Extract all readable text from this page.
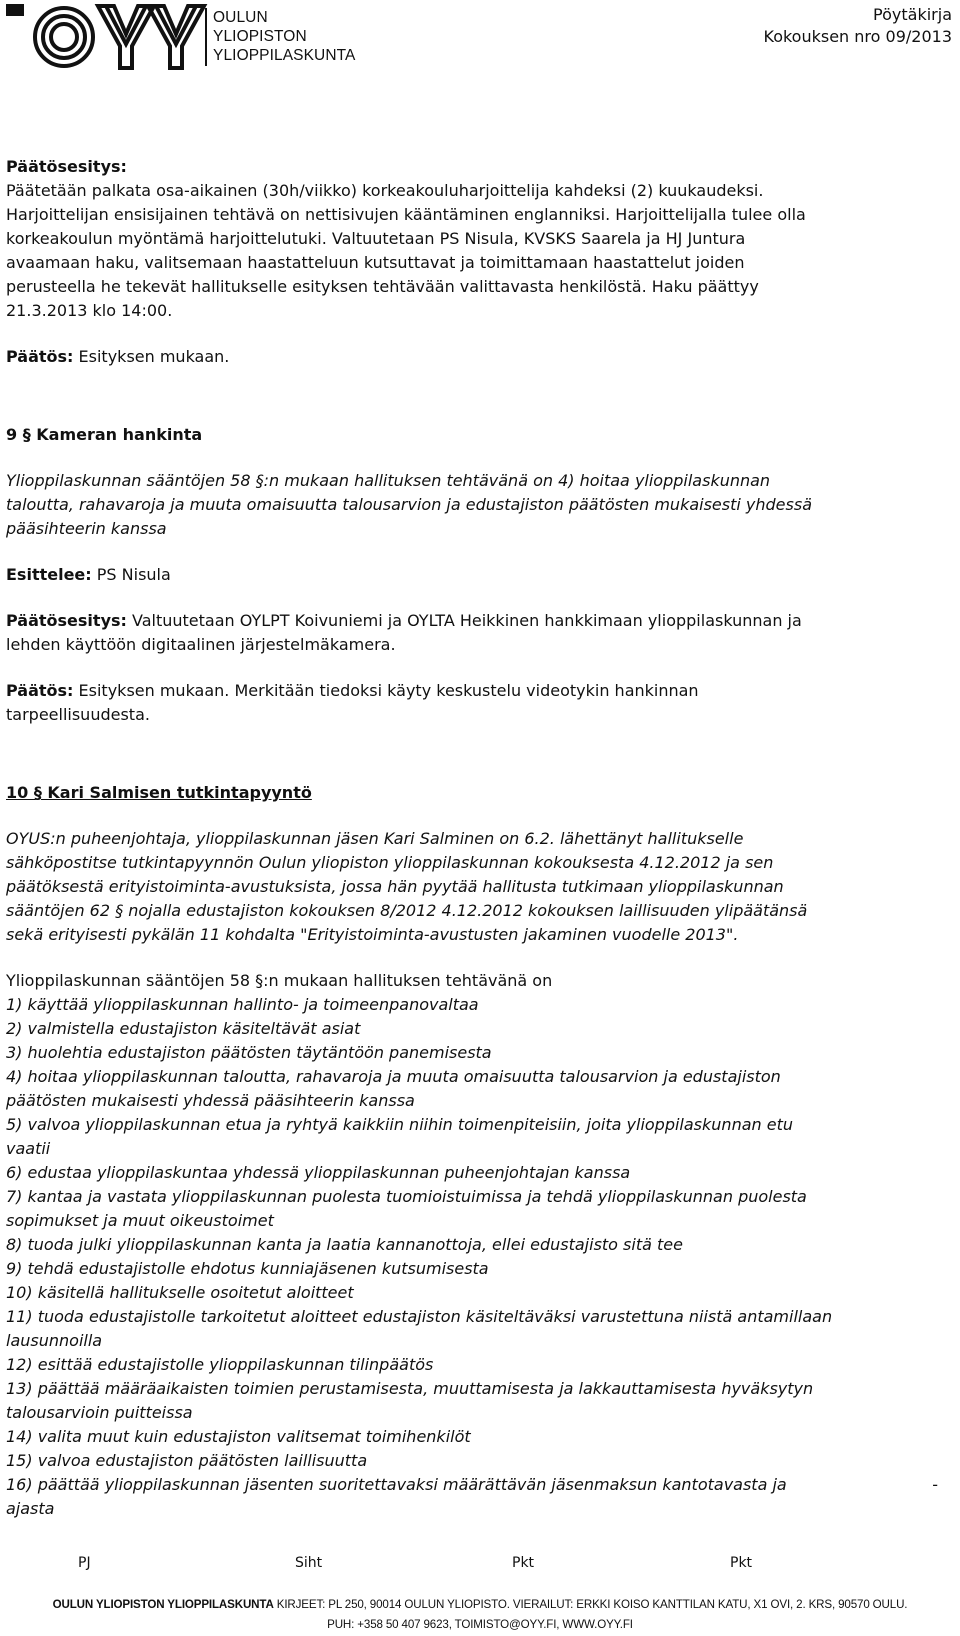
OULUN
YLIOPISTON
YLIOPPILASKUNTA
Pöytäkirja
Kokouksen nro 09/2013

Päätösesitys:

Päätetään palkata osa-aikainen (30h/viikko) korkeakouluharjoittelija kahdeksi (2) kuukaudeksi.

Harjoittelijan ensisijainen tehtävä on nettisivujen kääntäminen englanniksi. Harjoittelijalla tulee olla

korkeakoulun myöntämä harjoittelutuki. Valtuutetaan PS Nisula, KVSKS Saarela ja HJ Juntura

avaamaan haku, valitsemaan haastatteluun kutsuttavat ja toimittamaan haastattelut joiden

perusteella he tekevät hallitukselle esityksen tehtävään valittavasta henkilöstä. Haku päättyy

21.3.2013 klo 14:00.

Päätös: Esityksen mukaan.

9 § Kameran hankinta

Ylioppilaskunnan sääntöjen 58 §:n mukaan hallituksen tehtävänä on 4) hoitaa ylioppilaskunnan

taloutta, rahavaroja ja muuta omaisuutta talousarvion ja edustajiston päätösten mukaisesti yhdessä

pääsihteerin kanssa

Esittelee: PS Nisula

Päätösesitys: Valtuutetaan OYLPT Koivuniemi ja OYLTA Heikkinen hankkimaan ylioppilaskunnan ja

lehden käyttöön digitaalinen järjestelmäkamera.

Päätös: Esityksen mukaan. Merkitään tiedoksi käyty keskustelu videotykin hankinnan

tarpeellisuudesta.

10 § Kari Salmisen tutkintapyyntö

OYUS:n puheenjohtaja, ylioppilaskunnan jäsen Kari Salminen on 6.2. lähettänyt hallitukselle

sähköpostitse tutkintapyynnön Oulun yliopiston ylioppilaskunnan kokouksesta 4.12.2012 ja sen

päätöksestä erityistoiminta-avustuksista, jossa hän pyytää hallitusta tutkimaan ylioppilaskunnan

sääntöjen 62 § nojalla edustajiston kokouksen 8/2012 4.12.2012 kokouksen laillisuuden ylipäätänsä

sekä erityisesti pykälän 11 kohdalta "Erityistoiminta-avustusten jakaminen vuodelle 2013".

Ylioppilaskunnan sääntöjen 58 §:n mukaan hallituksen tehtävänä on

1) käyttää ylioppilaskunnan hallinto- ja toimeenpanovaltaa

2) valmistella edustajiston käsiteltävät asiat

3) huolehtia edustajiston päätösten täytäntöön panemisesta

4) hoitaa ylioppilaskunnan taloutta, rahavaroja ja muuta omaisuutta talousarvion ja edustajiston

päätösten mukaisesti yhdessä pääsihteerin kanssa

5) valvoa ylioppilaskunnan etua ja ryhtyä kaikkiin niihin toimenpiteisiin, joita ylioppilaskunnan etu

vaatii

6) edustaa ylioppilaskuntaa yhdessä ylioppilaskunnan puheenjohtajan kanssa

7) kantaa ja vastata ylioppilaskunnan puolesta tuomioistuimissa ja tehdä ylioppilaskunnan puolesta

sopimukset ja muut oikeustoimet

8) tuoda julki ylioppilaskunnan kanta ja laatia kannanottoja, ellei edustajisto sitä tee

9) tehdä edustajistolle ehdotus kunniajäsenen kutsumisesta

10) käsitellä hallitukselle osoitetut aloitteet

11) tuoda edustajistolle tarkoitetut aloitteet edustajiston käsiteltäväksi varustettuna niistä antamillaan

lausunnoilla

12) esittää edustajistolle ylioppilaskunnan tilinpäätös

13) päättää määräaikaisten toimien perustamisesta, muuttamisesta ja lakkauttamisesta hyväksytyn

talousarvioin puitteissa

14) valita muut kuin edustajiston valitsemat toimihenkilöt

15) valvoa edustajiston päätösten laillisuutta

16) päättää ylioppilaskunnan jäsenten suoritettavaksi määrättävän jäsenmaksun kantotavasta ja	-

ajasta

PJ	Siht	Pkt	Pkt
OULUN YLIOPISTON YLIOPPILASKUNTA KIRJEET: PL 250, 90014 OULUN YLIOPISTO. VIERAILUT: ERKKI KOISO KANTTILAN KATU, X1 OVI, 2. KRS, 90570 OULU.
PUH: +358 50 407 9623, TOIMISTO@OYY.FI, WWW.OYY.FI
